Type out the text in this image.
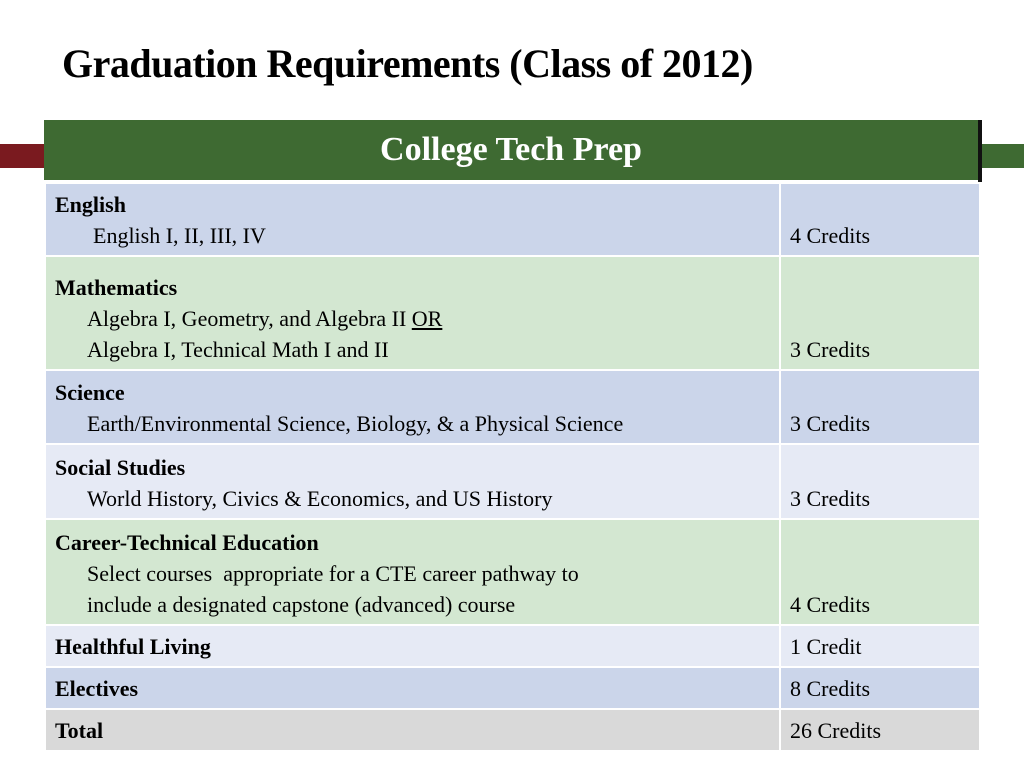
Graduation Requirements (Class of 2012)
College Tech Prep
English
English I, II, III, IV	4 Credits

Mathematics
Algebra I, Geometry, and Algebra II OR
Algebra I, Technical Math I and II	3 Credits

Science
Earth/Environmental Science, Biology, & a Physical Science	3 Credits

Social Studies
World History, Civics & Economics, and US History	3 Credits

Career-Technical Education
Select courses  appropriate for a CTE career pathway to
include a designated capstone (advanced) course	4 Credits

Healthful Living	1 Credit

Electives	8 Credits

Total	26 Credits
